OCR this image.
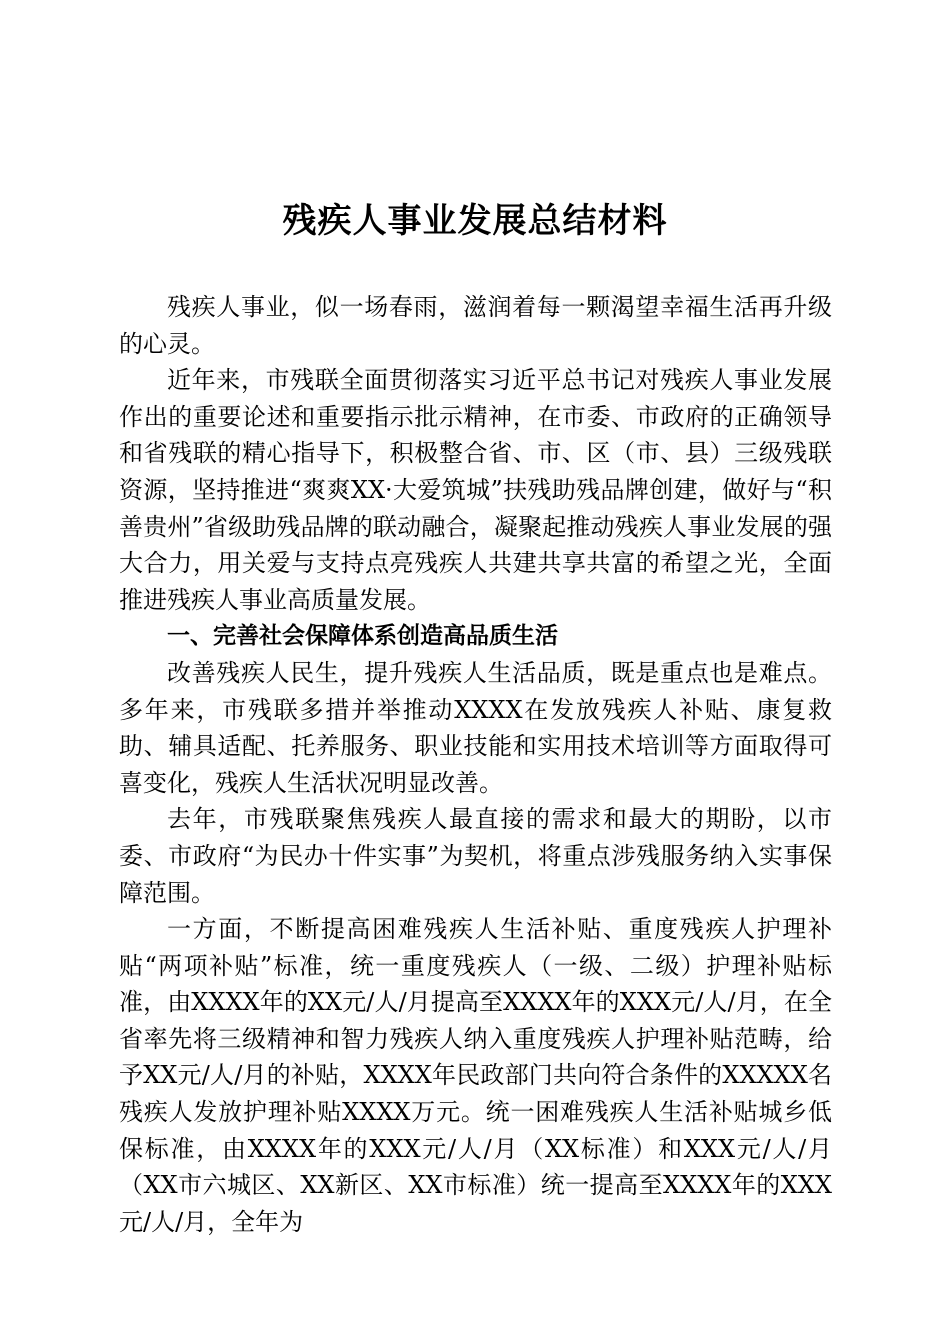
残疾人事业发展总结材料

残疾人事业，似一场春雨，滋润着每一颗渴望幸福生活再升级的心灵。

近年来，市残联全面贯彻落实习近平总书记对残疾人事业发展作出的重要论述和重要指示批示精神，在市委、市政府的正确领导和省残联的精心指导下，积极整合省、市、区（市、县）三级残联资源，坚持推进“爽爽XX·大爱筑城”扶残助残品牌创建，做好与“积善贵州”省级助残品牌的联动融合，凝聚起推动残疾人事业发展的强大合力，用关爱与支持点亮残疾人共建共享共富的希望之光，全面推进残疾人事业高质量发展。

一、完善社会保障体系创造高品质生活

改善残疾人民生，提升残疾人生活品质，既是重点也是难点。多年来，市残联多措并举推动XXXX在发放残疾人补贴、康复救助、辅具适配、托养服务、职业技能和实用技术培训等方面取得可喜变化，残疾人生活状况明显改善。

去年，市残联聚焦残疾人最直接的需求和最大的期盼，以市委、市政府“为民办十件实事”为契机，将重点涉残服务纳入实事保障范围。

一方面，不断提高困难残疾人生活补贴、重度残疾人护理补贴“两项补贴”标准，统一重度残疾人（一级、二级）护理补贴标准，由XXXX年的XX元/人/月提高至XXXX年的XXX元/人/月，在全省率先将三级精神和智力残疾人纳入重度残疾人护理补贴范畴，给予XX元/人/月的补贴，XXXX年民政部门共向符合条件的XXXXX名残疾人发放护理补贴XXXX万元。统一困难残疾人生活补贴城乡低保标准，由XXXX年的XXX元/人/月（XX标准）和XXX元/人/月（XX市六城区、XX新区、XX市标准）统一提高至XXXX年的XXX元/人/月，全年为
